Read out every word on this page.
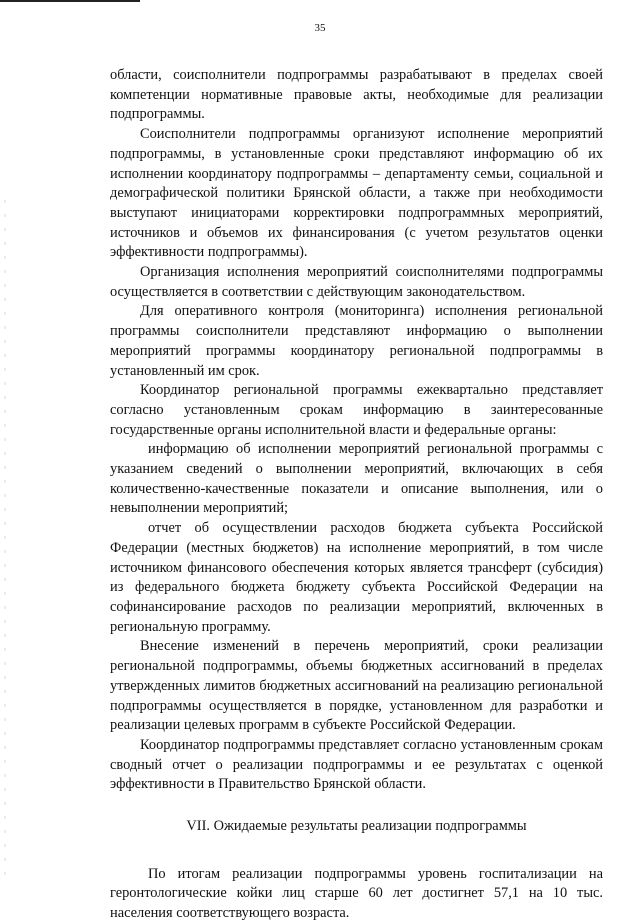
35

области, соисполнители подпрограммы разрабатывают в пределах своей компетенции нормативные правовые акты, необходимые для реализации подпрограммы.

Соисполнители подпрограммы организуют исполнение мероприятий подпрограммы, в установленные сроки представляют информацию об их исполнении координатору подпрограммы – департаменту семьи, социальной и демографической политики Брянской области, а также при необходимости выступают инициаторами корректировки подпрограммных мероприятий, источников и объемов их финансирования (с учетом результатов оценки эффективности подпрограммы).

Организация исполнения мероприятий соисполнителями подпрограммы осуществляется в соответствии с действующим законодательством.

Для оперативного контроля (мониторинга) исполнения региональной программы соисполнители представляют информацию о выполнении мероприятий программы координатору региональной подпрограммы в установленный им срок.

Координатор региональной программы ежеквартально представляет согласно установленным срокам информацию в заинтересованные государственные органы исполнительной власти и федеральные органы:

информацию об исполнении мероприятий региональной программы с указанием сведений о выполнении мероприятий, включающих в себя количественно-качественные показатели и описание выполнения, или о невыполнении мероприятий;

отчет об осуществлении расходов бюджета субъекта Российской Федерации (местных бюджетов) на исполнение мероприятий, в том числе источником финансового обеспечения которых является трансферт (субсидия) из федерального бюджета бюджету субъекта Российской Федерации на софинансирование расходов по реализации мероприятий, включенных в региональную программу.

Внесение изменений в перечень мероприятий, сроки реализации региональной подпрограммы, объемы бюджетных ассигнований в пределах утвержденных лимитов бюджетных ассигнований на реализацию региональной подпрограммы осуществляется в порядке, установленном для разработки и реализации целевых программ в субъекте Российской Федерации.

Координатор подпрограммы представляет согласно установленным срокам сводный отчет о реализации подпрограммы и ее результатах с оценкой эффективности в Правительство Брянской области.

VII. Ожидаемые результаты реализации подпрограммы

По итогам реализации подпрограммы уровень госпитализации на геронтологические койки лиц старше 60 лет достигнет 57,1 на 10 тыс. населения соответствующего возраста.
